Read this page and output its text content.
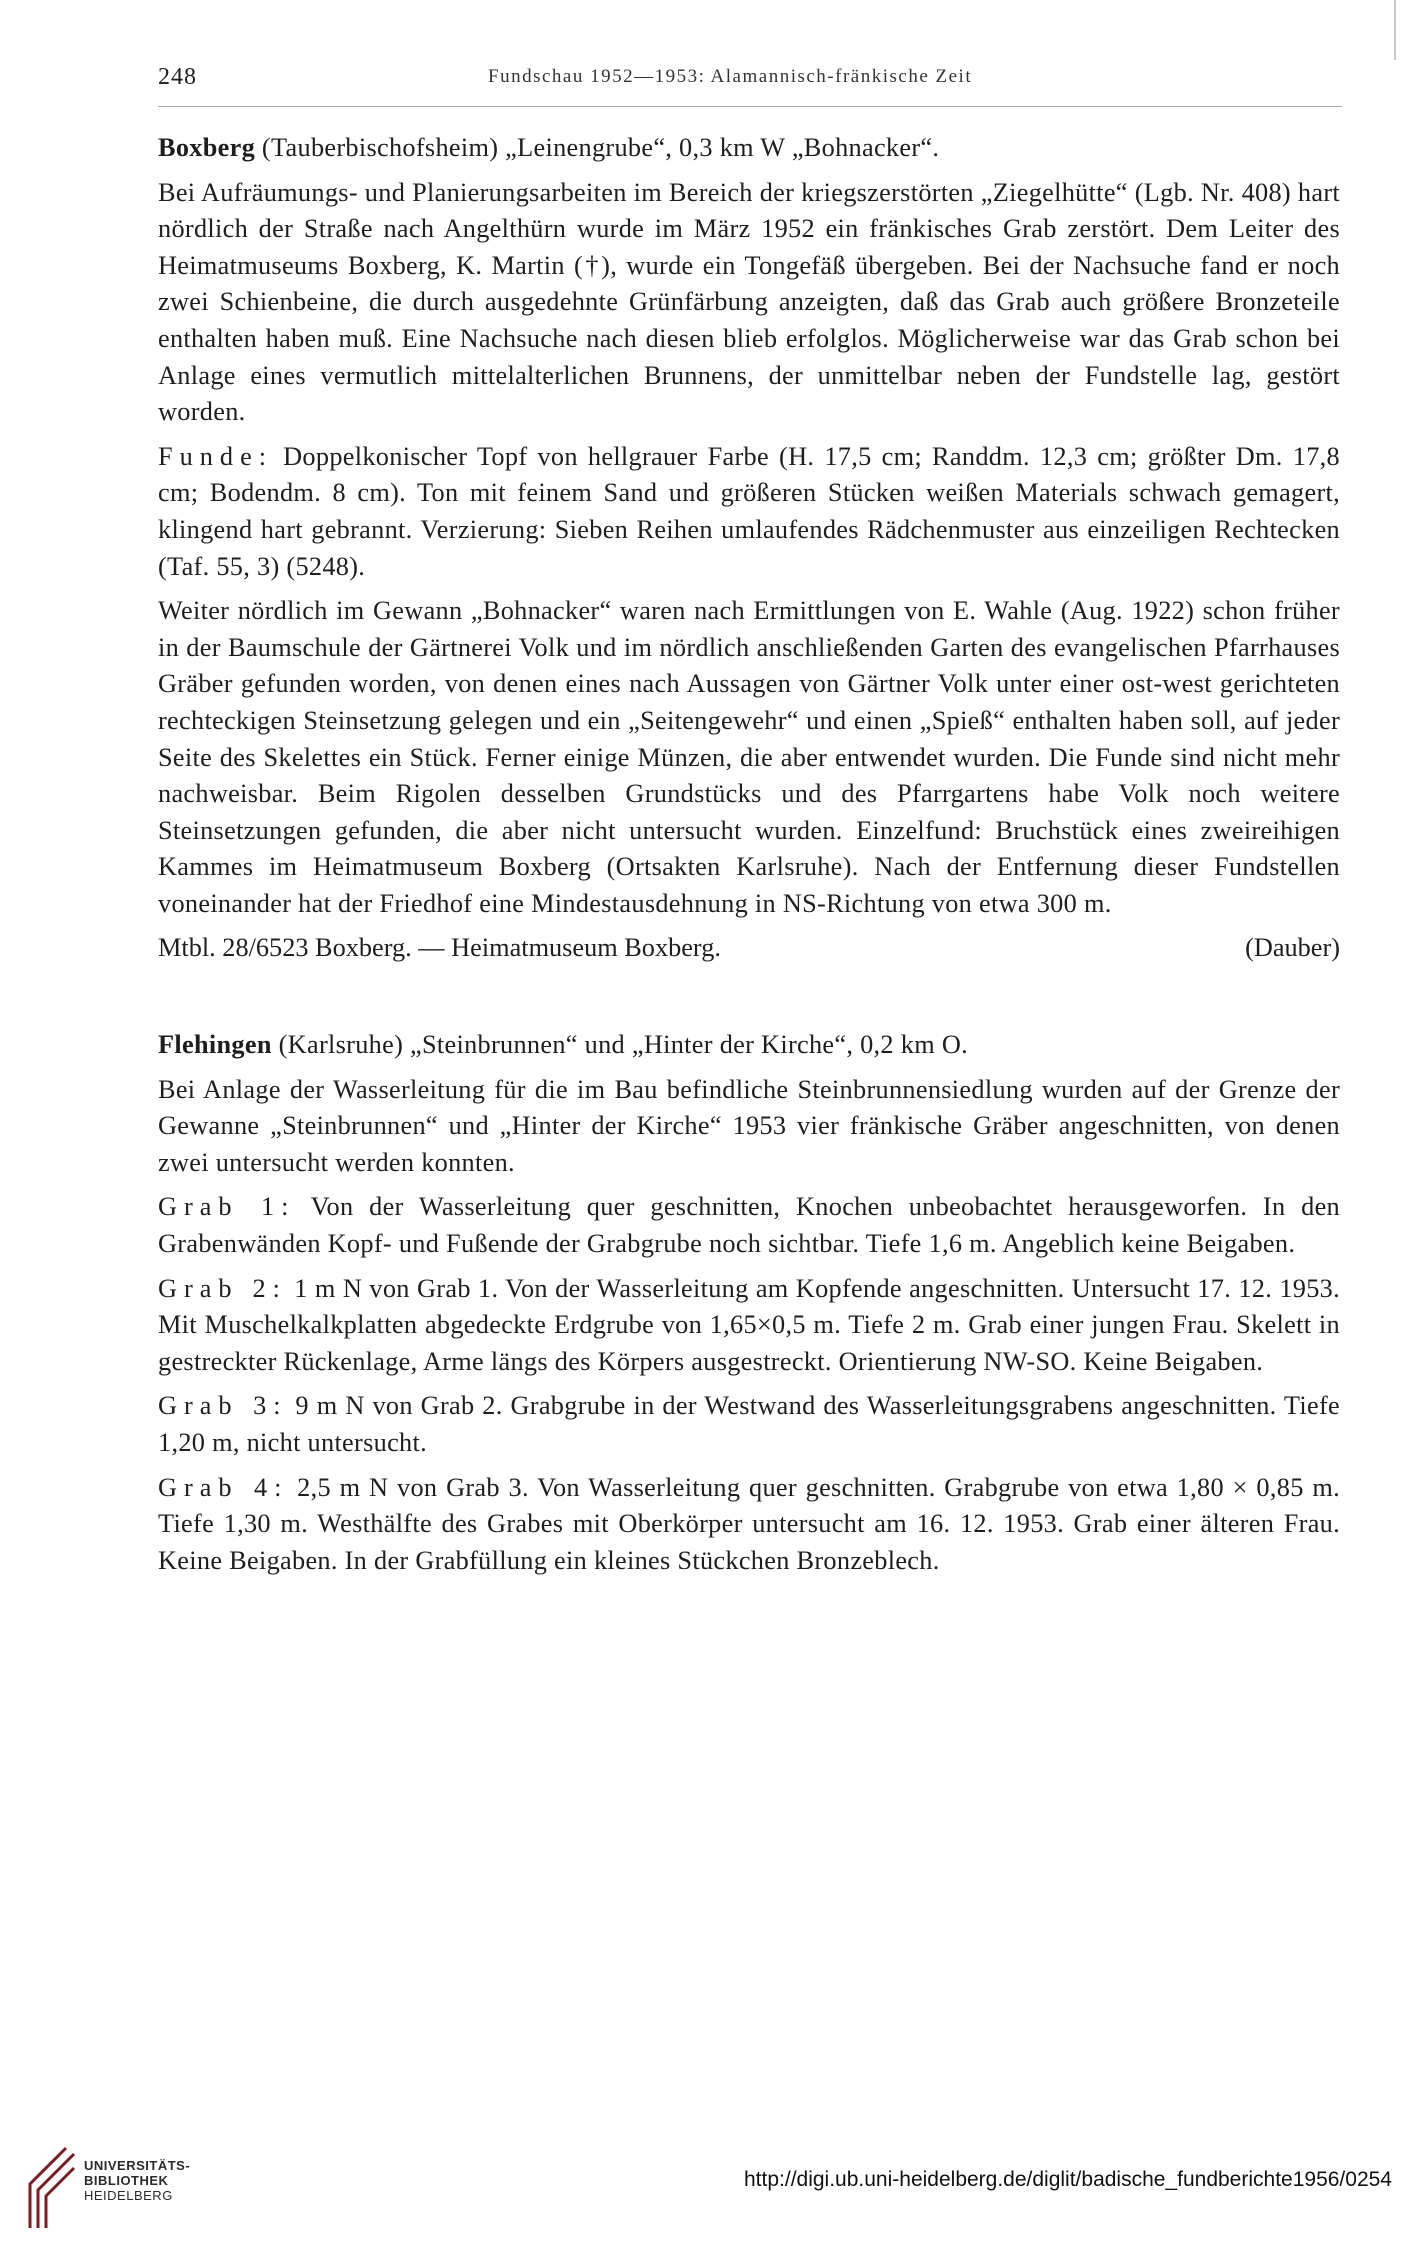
248	Fundschau 1952—1953: Alamannisch-fränkische Zeit

Boxberg (Tauberbischofsheim) „Leinengrube“, 0,3 km W „Bohnacker“.

Bei Aufräumungs- und Planierungsarbeiten im Bereich der kriegszerstörten „Ziegelhütte“ (Lgb. Nr. 408) hart nördlich der Straße nach Angelthürn wurde im März 1952 ein fränkisches Grab zerstört. Dem Leiter des Heimatmuseums Boxberg, K. Martin (†), wurde ein Tongefäß übergeben. Bei der Nachsuche fand er noch zwei Schienbeine, die durch ausgedehnte Grünfärbung anzeigten, daß das Grab auch größere Bronzeteile enthalten haben muß. Eine Nachsuche nach diesen blieb erfolglos. Möglicherweise war das Grab schon bei Anlage eines vermutlich mittelalterlichen Brunnens, der unmittelbar neben der Fundstelle lag, gestört worden.

Funde: Doppelkonischer Topf von hellgrauer Farbe (H. 17,5 cm; Randdm. 12,3 cm; größter Dm. 17,8 cm; Bodendm. 8 cm). Ton mit feinem Sand und größeren Stücken weißen Materials schwach gemagert, klingend hart gebrannt. Verzierung: Sieben Reihen umlaufendes Rädchenmuster aus einzeiligen Rechtecken (Taf. 55, 3) (5248).

Weiter nördlich im Gewann „Bohnacker“ waren nach Ermittlungen von E. Wahle (Aug. 1922) schon früher in der Baumschule der Gärtnerei Volk und im nördlich anschließenden Garten des evangelischen Pfarrhauses Gräber gefunden worden, von denen eines nach Aussagen von Gärtner Volk unter einer ost-west gerichteten rechteckigen Steinsetzung gelegen und ein „Seitengewehr“ und einen „Spieß“ enthalten haben soll, auf jeder Seite des Skelettes ein Stück. Ferner einige Münzen, die aber entwendet wurden. Die Funde sind nicht mehr nachweisbar. Beim Rigolen desselben Grundstücks und des Pfarrgartens habe Volk noch weitere Steinsetzungen gefunden, die aber nicht untersucht wurden. Einzelfund: Bruchstück eines zweireihigen Kammes im Heimatmuseum Boxberg (Ortsakten Karlsruhe). Nach der Entfernung dieser Fundstellen voneinander hat der Friedhof eine Mindestausdehnung in NS-Richtung von etwa 300 m.

Mtbl. 28/6523 Boxberg. — Heimatmuseum Boxberg.	(Dauber)

Flehingen (Karlsruhe) „Steinbrunnen“ und „Hinter der Kirche“, 0,2 km O.

Bei Anlage der Wasserleitung für die im Bau befindliche Steinbrunnensiedlung wurden auf der Grenze der Gewanne „Steinbrunnen“ und „Hinter der Kirche“ 1953 vier fränkische Gräber angeschnitten, von denen zwei untersucht werden konnten.

Grab 1: Von der Wasserleitung quer geschnitten, Knochen unbeobachtet herausgeworfen. In den Grabenwänden Kopf- und Fußende der Grabgrube noch sichtbar. Tiefe 1,6 m. Angeblich keine Beigaben.

Grab 2: 1 m N von Grab 1. Von der Wasserleitung am Kopfende angeschnitten. Untersucht 17. 12. 1953. Mit Muschelkalkplatten abgedeckte Erdgrube von 1,65×0,5 m. Tiefe 2 m. Grab einer jungen Frau. Skelett in gestreckter Rückenlage, Arme längs des Körpers ausgestreckt. Orientierung NW-SO. Keine Beigaben.

Grab 3: 9 m N von Grab 2. Grabgrube in der Westwand des Wasserleitungsgrabens angeschnitten. Tiefe 1,20 m, nicht untersucht.

Grab 4: 2,5 m N von Grab 3. Von Wasserleitung quer geschnitten. Grabgrube von etwa 1,80 × 0,85 m. Tiefe 1,30 m. Westhälfte des Grabes mit Oberkörper untersucht am 16. 12. 1953. Grab einer älteren Frau. Keine Beigaben. In der Grabfüllung ein kleines Stückchen Bronzeblech.

UNIVERSITÄTS-
BIBLIOTHEK
HEIDELBERG
http://digi.ub.uni-heidelberg.de/diglit/badische_fundberichte1956/0254
